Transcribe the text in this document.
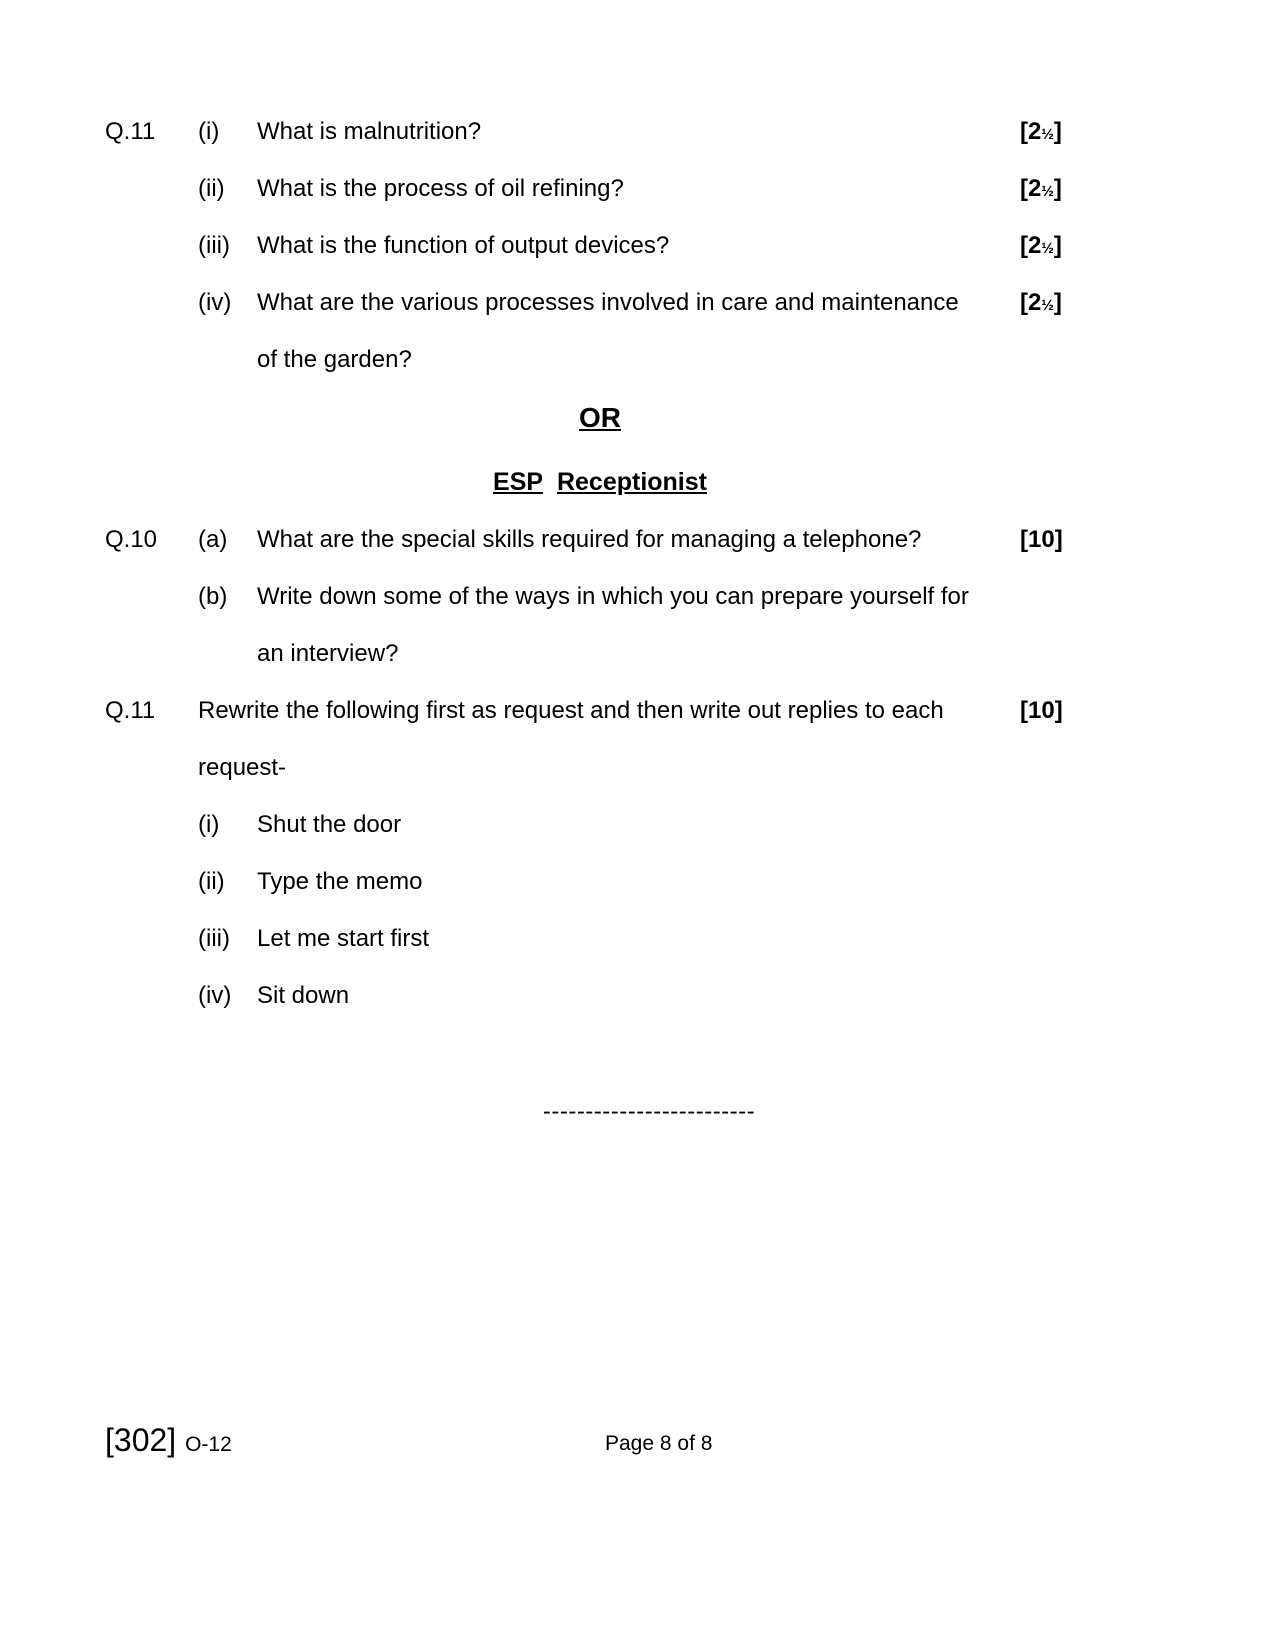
Q.11 (i) What is malnutrition?	[2½]
(ii) What is the process of oil refining?	[2½]
(iii) What is the function of output devices?	[2½]
(iv) What are the various processes involved in care and maintenance	[2½]
of the garden?
OR
ESP Receptionist
Q.10 (a) What are the special skills required for managing a telephone?	[10]
(b) Write down some of the ways in which you can prepare yourself for
an interview?
Q.11 Rewrite the following first as request and then write out replies to each	[10]
request-
(i) Shut the door
(ii) Type the memo
(iii) Let me start first
(iv) Sit down
-------------------------
[302] O-12	Page 8 of 8
